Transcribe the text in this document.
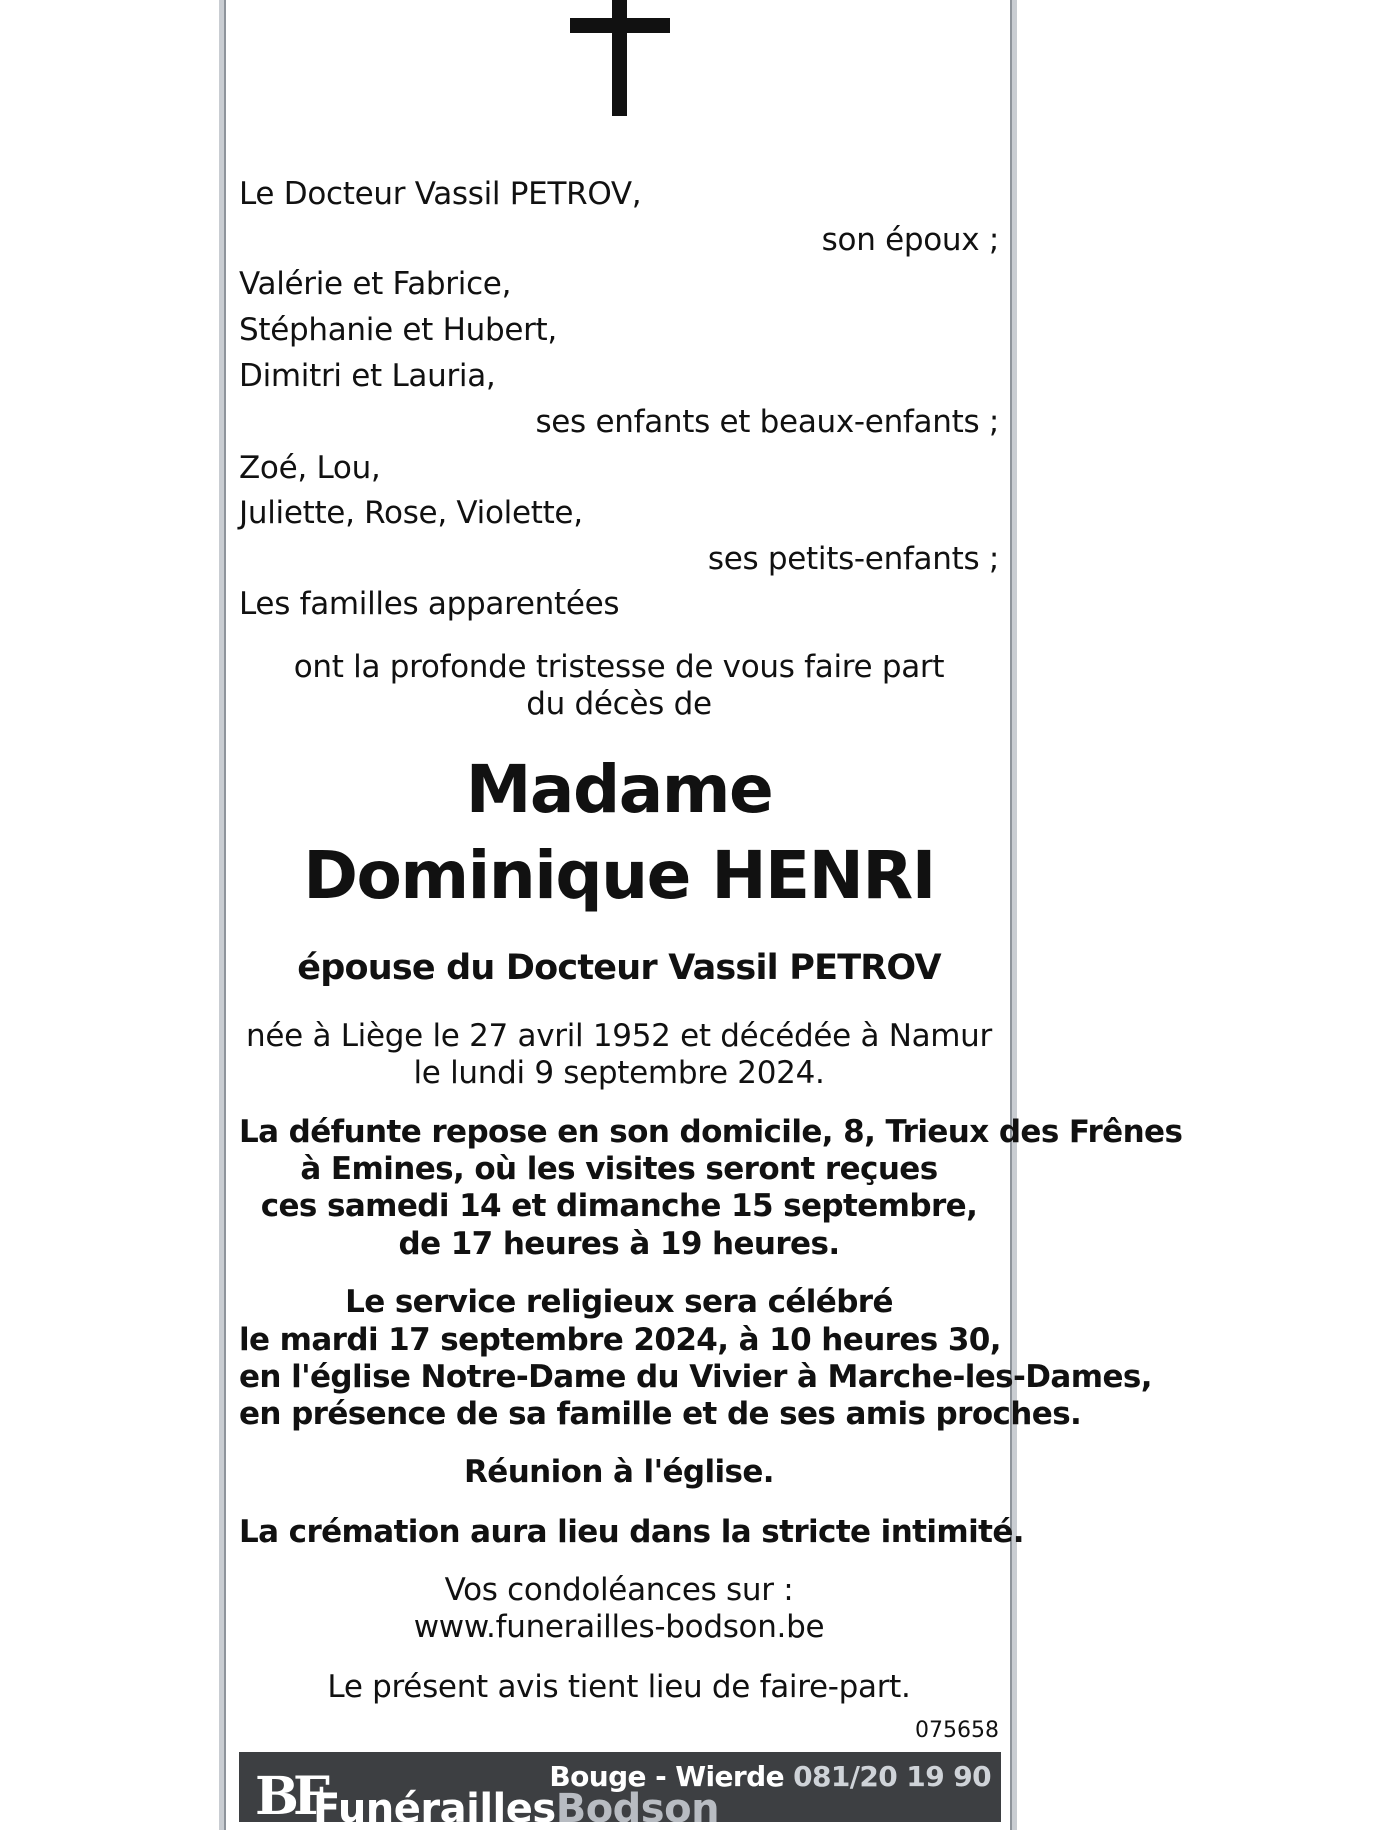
Le Docteur Vassil PETROV,
son époux ;
Valérie et Fabrice,
Stéphanie et Hubert,
Dimitri et Lauria,
ses enfants et beaux-enfants ;
Zoé, Lou,
Juliette, Rose, Violette,
ses petits-enfants ;
Les familles apparentées
ont la profonde tristesse de vous faire part
du décès de
Madame
Dominique HENRI
épouse du Docteur Vassil PETROV
née à Liège le 27 avril 1952 et décédée à Namur
le lundi 9 septembre 2024.
La défunte repose en son domicile, 8, Trieux des Frênes
à Emines, où les visites seront reçues
ces samedi 14 et dimanche 15 septembre,
de 17 heures à 19 heures.
Le service religieux sera célébré
le mardi 17 septembre 2024, à 10 heures 30,
en l'église Notre-Dame du Vivier à Marche-les-Dames,
en présence de sa famille et de ses amis proches.
Réunion à l'église.
La crémation aura lieu dans la stricte intimité.
Vos condoléances sur :
www.funerailles-bodson.be
Le présent avis tient lieu de faire-part.
075658
BF
FunéraillesBodson
Bouge - Wierde 081/20 19 90
